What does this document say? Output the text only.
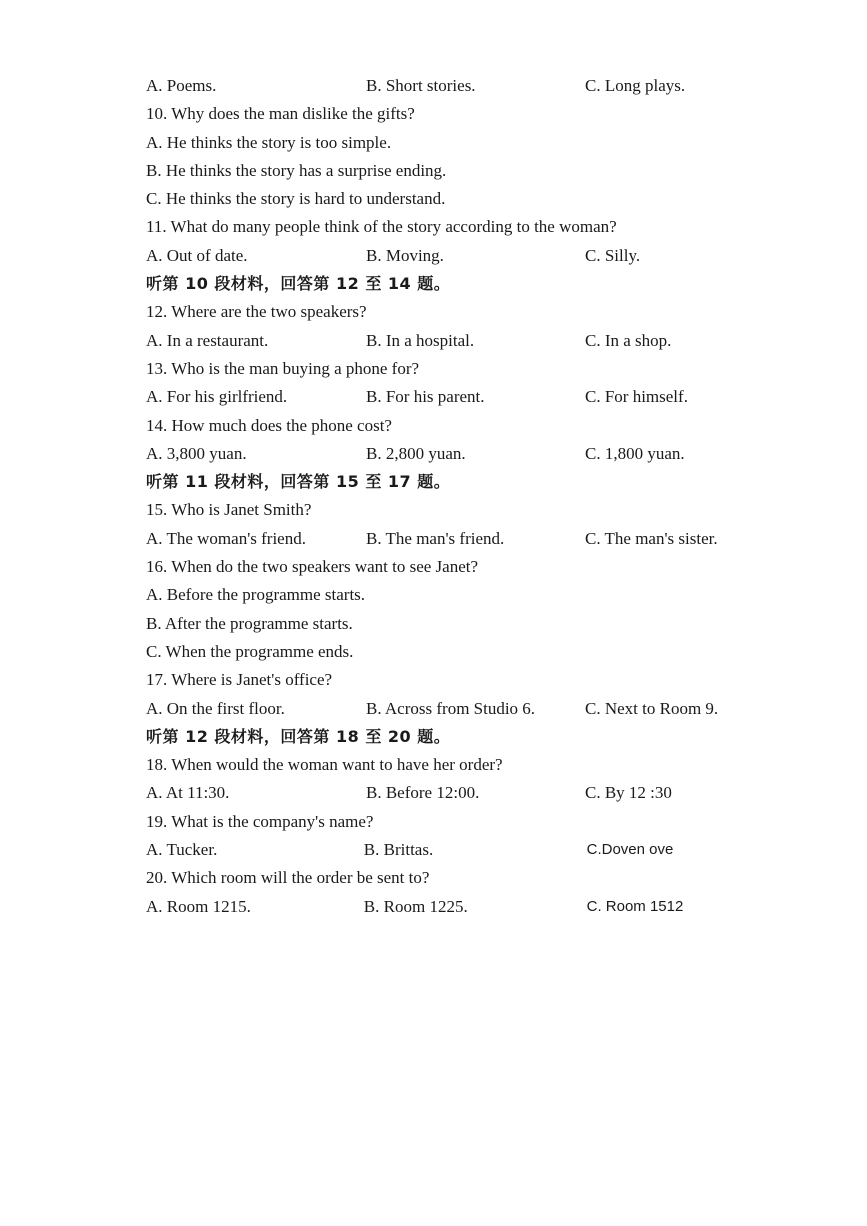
A. Poems.	B. Short stories.	C. Long plays.
10. Why does the man dislike the gifts?
A. He thinks the story is too simple.
B. He thinks the story has a surprise ending.
C. He thinks the story is hard to understand.
11. What do many people think of the story according to the woman?
A. Out of date.	B. Moving.	C. Silly.
听第 10 段材料，回答第 12 至 14 题。
12. Where are the two speakers?
A. In a restaurant.	B. In a hospital.	C. In a shop.
13. Who is the man buying a phone for?
A. For his girlfriend.	B. For his parent.	C. For himself.
14. How much does the phone cost?
A. 3,800 yuan.	B. 2,800 yuan.	C. 1,800 yuan.
听第 11 段材料，回答第 15 至 17 题。
15. Who is Janet Smith?
A. The woman's friend.	B. The man's friend.	C. The man's sister.
16. When do the two speakers want to see Janet?
A. Before the programme starts.
B. After the programme starts.
C. When the programme ends.
17. Where is Janet's office?
A. On the first floor.	B. Across from Studio 6.	C. Next to Room 9.
听第 12 段材料，回答第 18 至 20 题。
18. When would the woman want to have her order?
A. At 11:30.	B. Before 12:00.	C. By 12 :30
19. What is the company's name?
A. Tucker.	B. Brittas.	C.Doven ove
20. Which room will the order be sent to?
A. Room 1215.	B. Room 1225.	C. Room 1512
